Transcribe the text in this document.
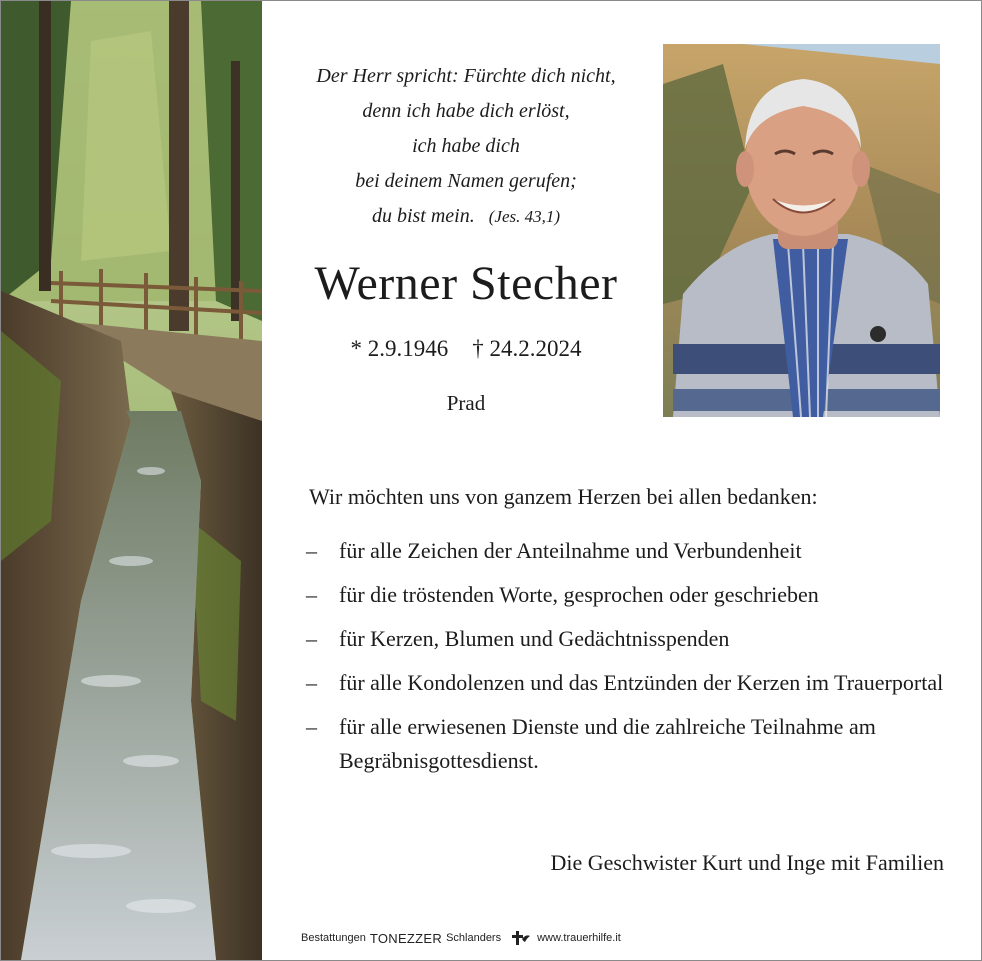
Der Herr spricht: Fürchte dich nicht,
denn ich habe dich erlöst,
ich habe dich
bei deinem Namen gerufen;
du bist mein. (Jes. 43,1)
Werner Stecher
* 2.9.1946 † 24.2.2024
Prad
Wir möchten uns von ganzem Herzen bei allen bedanken:
– für alle Zeichen der Anteilnahme und Verbundenheit
– für die tröstenden Worte, gesprochen oder geschrieben
– für Kerzen, Blumen und Gedächtnisspenden
– für alle Kondolenzen und das Entzünden der Kerzen im Trauerportal
– für alle erwiesenen Dienste und die zahlreiche Teilnahme am Begräbnisgottesdienst.
Die Geschwister Kurt und Inge mit Familien
Bestattungen TONEZZER Schlanders	www.trauerhilfe.it
